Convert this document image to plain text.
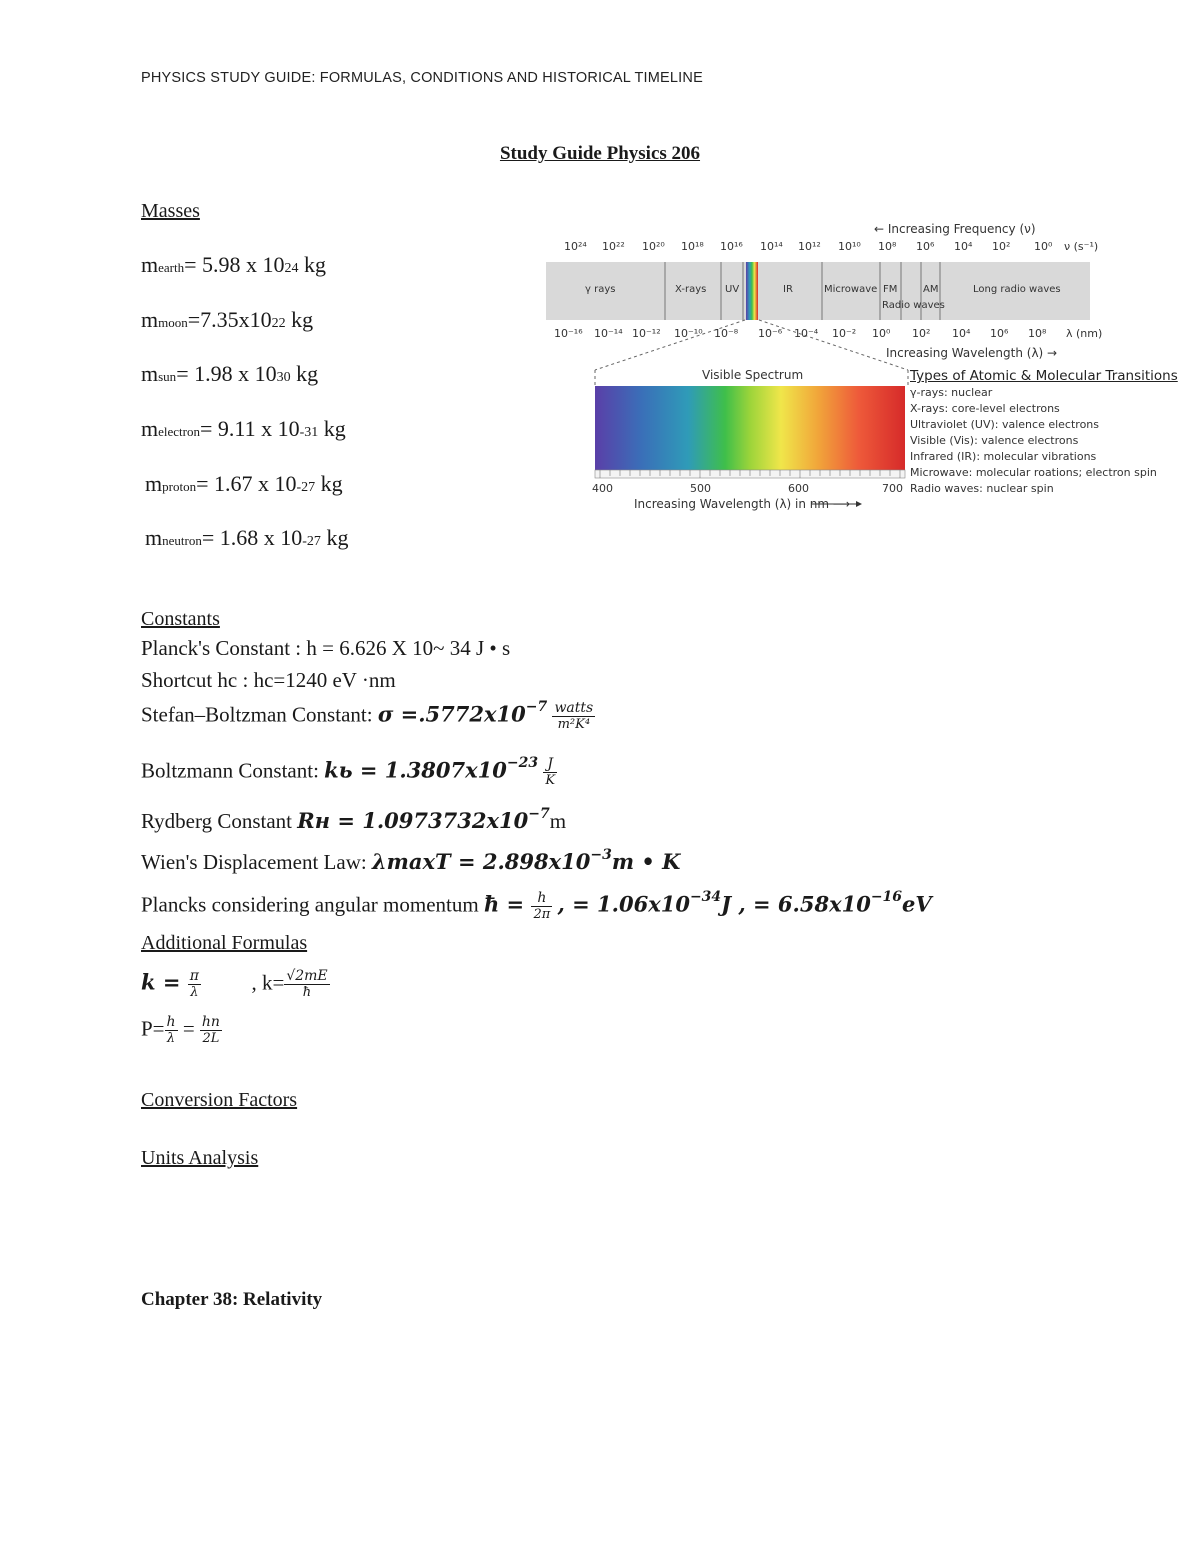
PHYSICS STUDY GUIDE: FORMULAS, CONDITIONS AND HISTORICAL TIMELINE
Study Guide Physics 206
Masses
mearth= 5.98 x 1024 kg
mmoon=7.35x1022 kg
msun= 1.98 x 1030 kg
melectron= 9.11 x 10-31 kg
mproton= 1.67 x 10-27 kg
mneutron= 1.68 x 10-27 kg
← Increasing Frequency (ν)
10²⁴ 10²² 10²⁰ 10¹⁸ 10¹⁶ 10¹⁴ 10¹² 10¹⁰ 10⁸ 10⁶ 10⁴ 10² 10⁰ ν (s⁻¹)
γ rays	X-rays UV	IR	Microwave FM	AM	Long radio waves
Radio waves
10⁻¹⁶ 10⁻¹⁴ 10⁻¹² 10⁻¹⁰ 10⁻⁸ 10⁻⁶ 10⁻⁴ 10⁻² 10⁰ 10² 10⁴ 10⁶ 10⁸ λ (nm)
Increasing Wavelength (λ) →
Visible Spectrum
400	500	600	700
Increasing Wavelength (λ) in nm ⟶
Types of Atomic & Molecular Transitions
γ-rays: nuclear
X-rays: core-level electrons
Ultraviolet (UV): valence electrons
Visible (Vis): valence electrons
Infrared (IR): molecular vibrations
Microwave: molecular roations; electron spin
Radio waves: nuclear spin
Constants
Planck's Constant : h = 6.626 X 10~ 34 J • s
Shortcut hc : hc=1240 eV ·nm
Stefan–Boltzman Constant: $\sigma =.5772x10^{-7} \frac{\text{watts}}{\text{m²K⁴}}$
Boltzmann Constant: kь = $1.3807x10^{-23} \frac{J}{K}$
Rydberg Constant Rн = $1.0973732x10^{-7}m$
Wien's Displacement Law: $\lambda\max T = 2.898x10^{-3}m$ • K
Plancks considering angular momentum ħ = $\frac{h}{2\pi}$ , = $1.06x10^{-34}J$ , = $6.58x10^{-16}eV$
Additional Formulas
$k = \frac{\pi}{\lambda}$ , $k= \frac{√2mE}{ħ}$
$P= \frac{h}{\lambda} = \frac{hn}{2L}$
Conversion Factors
Units Analysis
Chapter 38: Relativity
